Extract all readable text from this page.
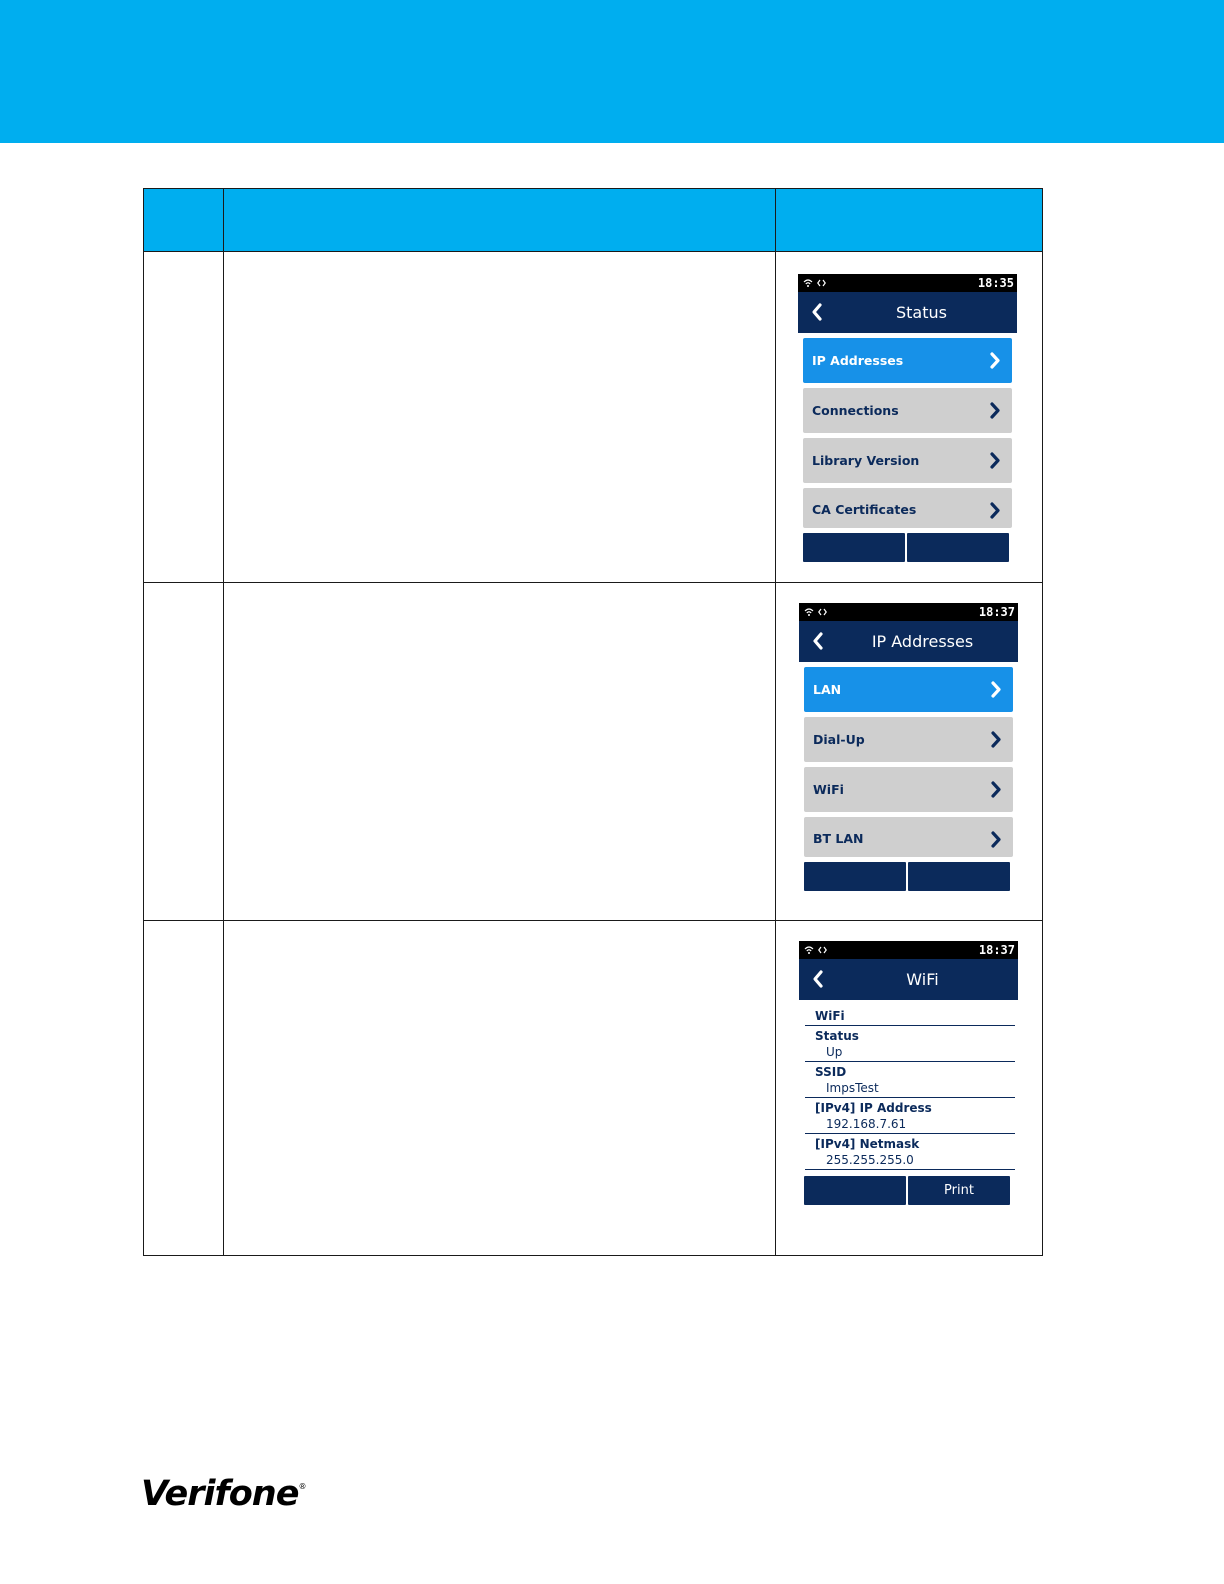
18:35
Status
IP Addresses
Connections
Library Version
CA Certificates
18:37
IP Addresses
LAN
Dial-Up
WiFi
BT LAN
18:37
WiFi
WiFi
Status
Up
SSID
ImpsTest
[IPv4] IP Address
192.168.7.61
[IPv4] Netmask
255.255.255.0
Print
Verifone®
